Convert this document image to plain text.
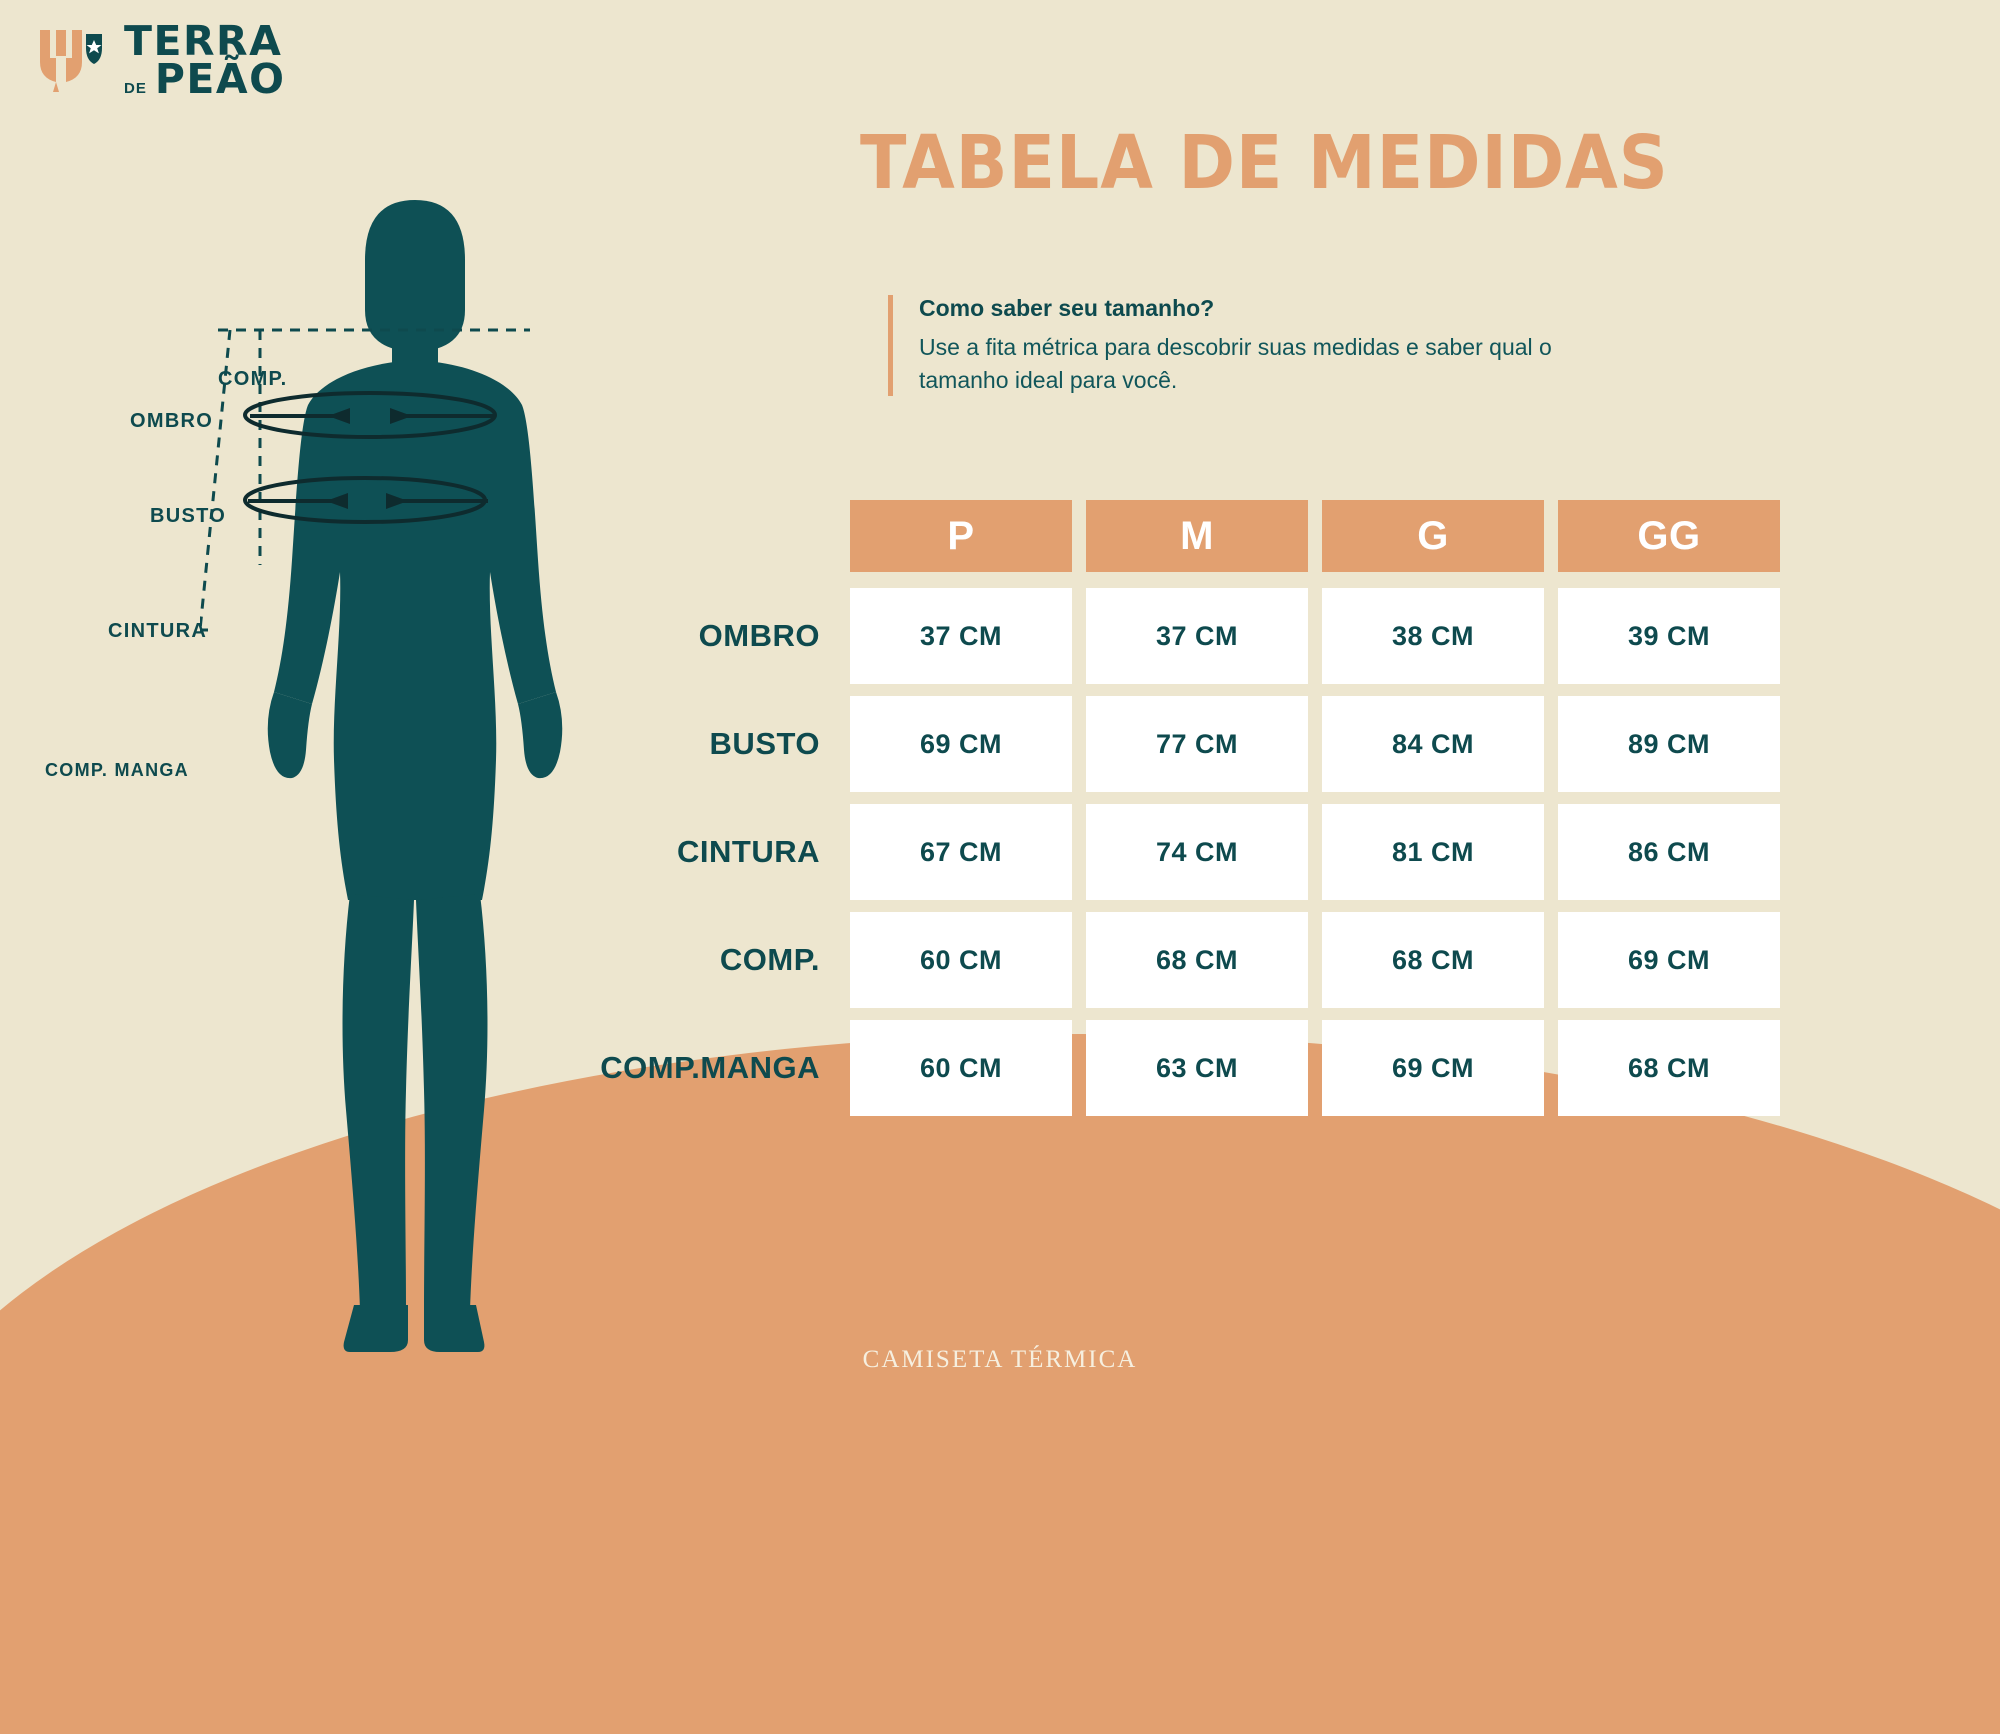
TERRA
DE PEÃO
TABELA DE MEDIDAS
Como saber seu tamanho?
Use a fita métrica para descobrir suas medidas e saber qual o tamanho ideal para você.
COMP.
OMBRO
BUSTO
CINTURA
COMP. MANGA
P	M	G	GG
OMBRO	37 CM	37 CM	38 CM	39 CM
BUSTO	69 CM	77 CM	84 CM	89 CM
CINTURA	67 CM	74 CM	81 CM	86 CM
COMP.	60 CM	68 CM	68 CM	69 CM
COMP.MANGA	60 CM	63 CM	69 CM	68 CM
CAMISETA TÉRMICA
